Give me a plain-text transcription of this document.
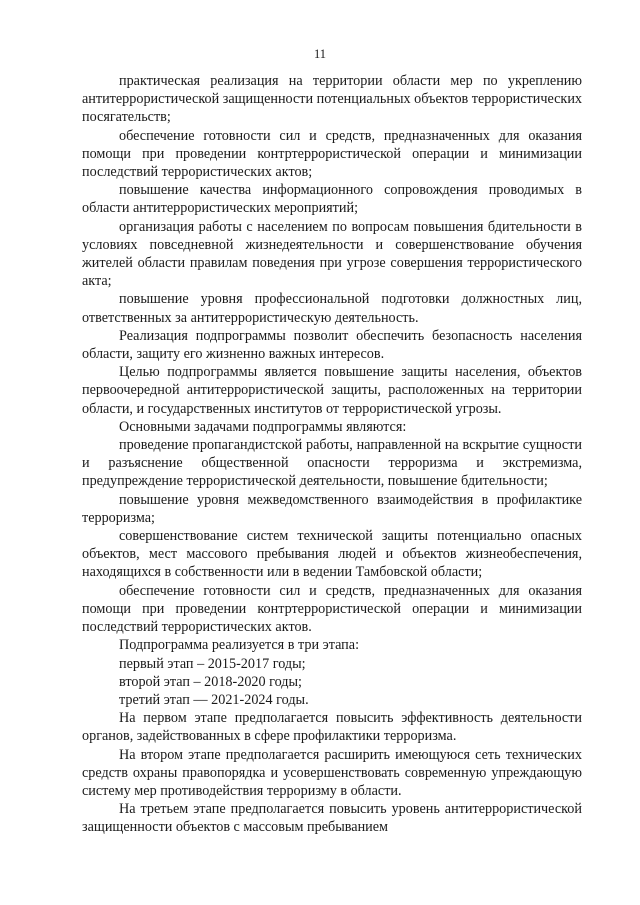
11

практическая реализация на территории области мер по укреплению антитеррористической защищенности потенциальных объектов террористических посягательств;

обеспечение готовности сил и средств, предназначенных для оказания помощи при проведении контртеррористической операции и минимизации последствий террористических актов;

повышение качества информационного сопровождения проводимых в области антитеррористических мероприятий;

организация работы с населением по вопросам повышения бдительности в условиях повседневной жизнедеятельности и совершенствование обучения жителей области правилам поведения при угрозе совершения террористического акта;

повышение уровня профессиональной подготовки должностных лиц, ответственных за антитеррористическую деятельность.

Реализация подпрограммы позволит обеспечить безопасность населения области, защиту его жизненно важных интересов.

Целью подпрограммы является повышение защиты населения, объектов первоочередной антитеррористической защиты, расположенных на территории области, и государственных институтов от террористической угрозы.

Основными задачами подпрограммы являются:

проведение пропагандистской работы, направленной на вскрытие сущности и разъяснение общественной опасности терроризма и экстремизма, предупреждение террористической деятельности, повышение бдительности;

повышение уровня межведомственного взаимодействия в профилактике терроризма;

совершенствование систем технической защиты потенциально опасных объектов, мест массового пребывания людей и объектов жизнеобеспечения, находящихся в собственности или в ведении Тамбовской области;

обеспечение готовности сил и средств, предназначенных для оказания помощи при проведении контртеррористической операции и минимизации последствий террористических актов.

Подпрограмма реализуется в три этапа:

первый этап – 2015-2017 годы;

второй этап – 2018-2020 годы;

третий этап — 2021-2024 годы.

На первом этапе предполагается повысить эффективность деятельности органов, задействованных в сфере профилактики терроризма.

На втором этапе предполагается расширить имеющуюся сеть технических средств охраны правопорядка и усовершенствовать современную упреждающую систему мер противодействия терроризму в области.

На третьем этапе предполагается повысить уровень антитеррористической защищенности объектов с массовым пребыванием
